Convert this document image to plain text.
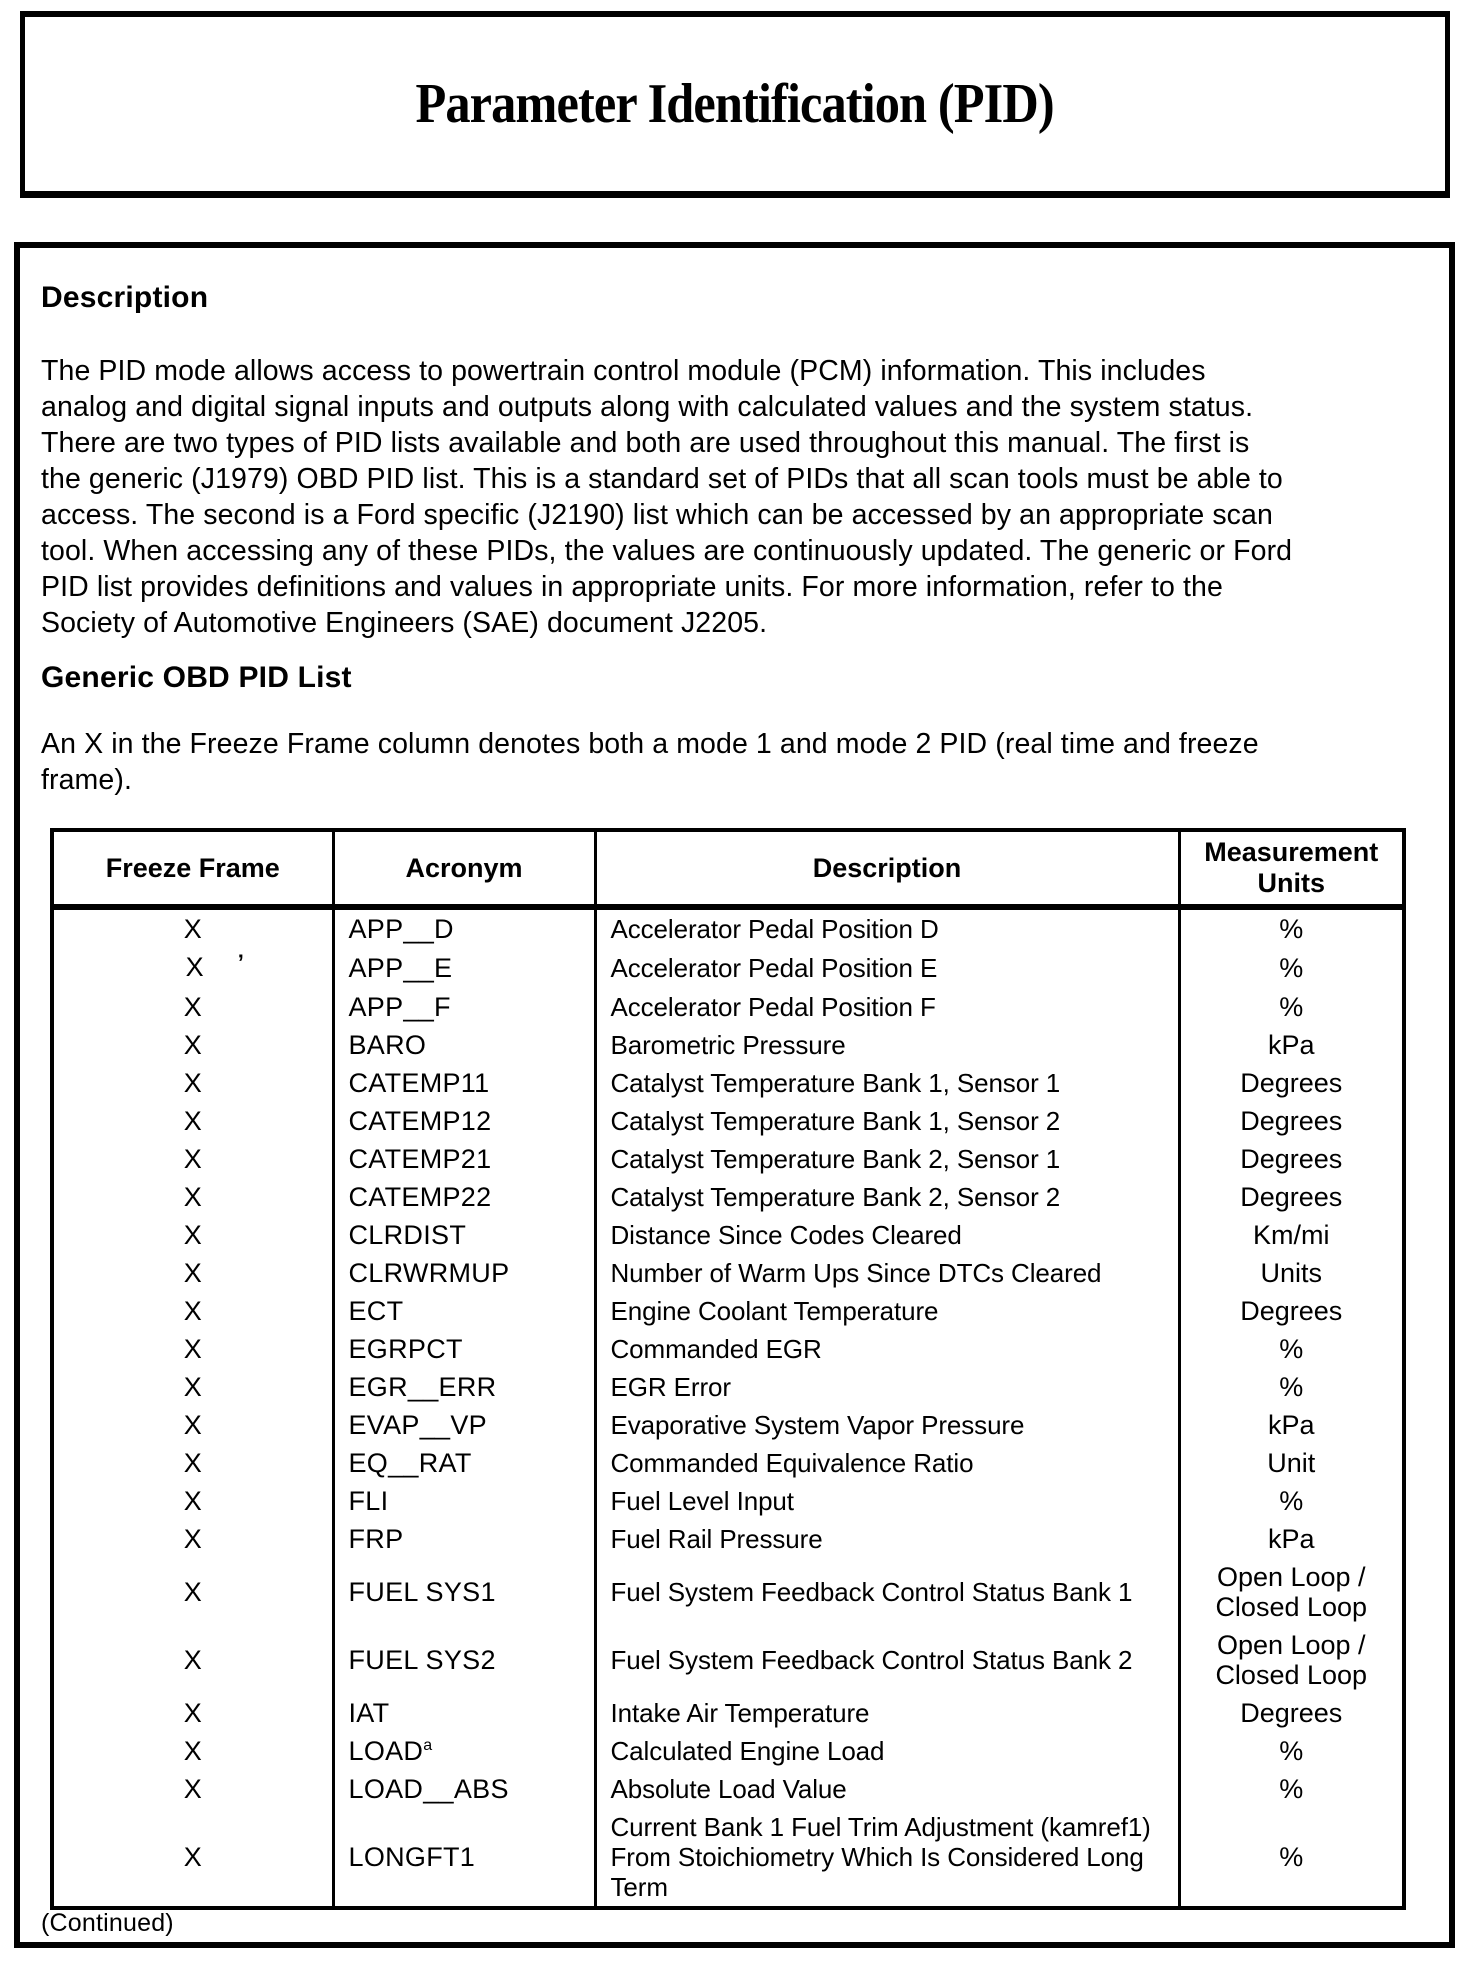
Parameter Identification (PID)
Description
The PID mode allows access to powertrain control module (PCM) information. This includes
analog and digital signal inputs and outputs along with calculated values and the system status.
There are two types of PID lists available and both are used throughout this manual. The first is
the generic (J1979) OBD PID list. This is a standard set of PIDs that all scan tools must be able to
access. The second is a Ford specific (J2190) list which can be accessed by an appropriate scan
tool. When accessing any of these PIDs, the values are continuously updated. The generic or Ford
PID list provides definitions and values in appropriate units. For more information, refer to the
Society of Automotive Engineers (SAE) document J2205.
Generic OBD PID List
An X in the Freeze Frame column denotes both a mode 1 and mode 2 PID (real time and freeze
frame).
Freeze Frame	Acronym	Description	Measurement Units
X	APP__D	Accelerator Pedal Position D	%
X ’	APP__E	Accelerator Pedal Position E	%
X	APP__F	Accelerator Pedal Position F	%
X	BARO	Barometric Pressure	kPa
X	CATEMP11	Catalyst Temperature Bank 1, Sensor 1	Degrees
X	CATEMP12	Catalyst Temperature Bank 1, Sensor 2	Degrees
X	CATEMP21	Catalyst Temperature Bank 2, Sensor 1	Degrees
X	CATEMP22	Catalyst Temperature Bank 2, Sensor 2	Degrees
X	CLRDIST	Distance Since Codes Cleared	Km/mi
X	CLRWRMUP	Number of Warm Ups Since DTCs Cleared	Units
X	ECT	Engine Coolant Temperature	Degrees
X	EGRPCT	Commanded EGR	%
X	EGR__ERR	EGR Error	%
X	EVAP__VP	Evaporative System Vapor Pressure	kPa
X	EQ__RAT	Commanded Equivalence Ratio	Unit
X	FLI	Fuel Level Input	%
X	FRP	Fuel Rail Pressure	kPa
X	FUEL SYS1	Fuel System Feedback Control Status Bank 1	Open Loop / Closed Loop
X	FUEL SYS2	Fuel System Feedback Control Status Bank 2	Open Loop / Closed Loop
X	IAT	Intake Air Temperature	Degrees
X	LOAD$^a$	Calculated Engine Load	%
X	LOAD__ABS	Absolute Load Value	%
X	LONGFT1	Current Bank 1 Fuel Trim Adjustment (kamref1) From Stoichiometry Which Is Considered Long Term	%
(Continued)
